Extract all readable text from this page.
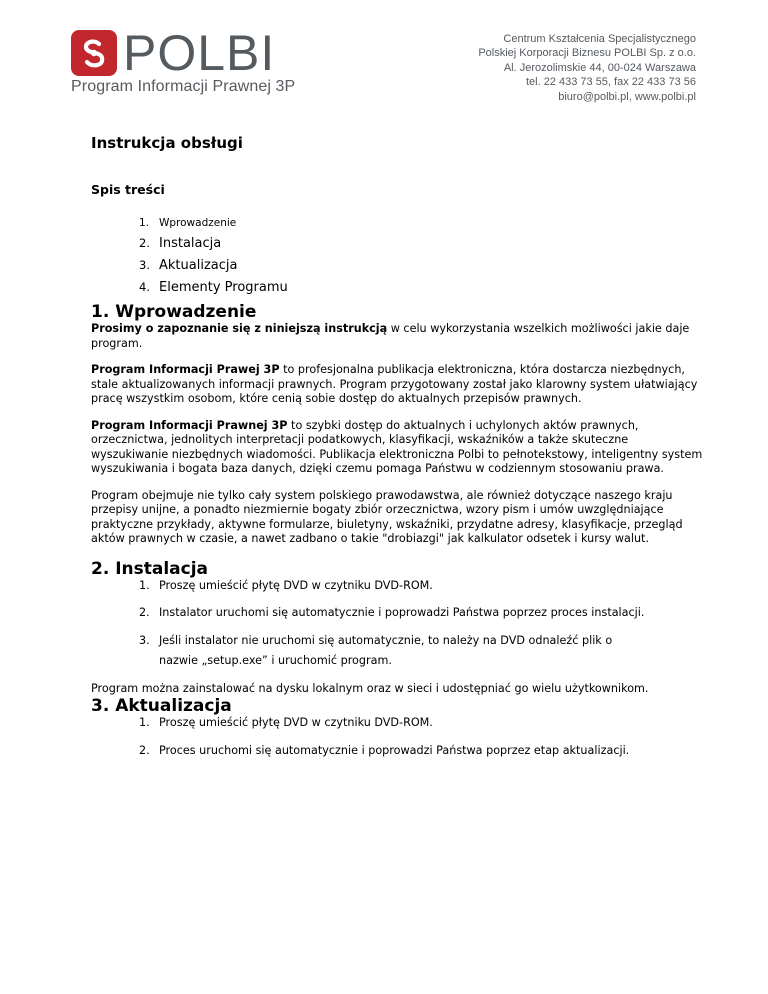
POLBI
Program Informacji Prawnej 3P
Centrum Kształcenia Specjalistycznego
Polskiej Korporacji Biznesu POLBI Sp. z o.o.
Al. Jerozolimskie 44, 00-024 Warszawa
tel. 22 433 73 55, fax 22 433 73 56
biuro@polbi.pl, www.polbi.pl
Instrukcja obsługi
Spis treści
1. Wprowadzenie
2. Instalacja
3. Aktualizacja
4. Elementy Programu
1. Wprowadzenie

Prosimy o zapoznanie się z niniejszą instrukcją w celu wykorzystania wszelkich możliwości jakie daje program.

Program Informacji Prawej 3P to profesjonalna publikacja elektroniczna, która dostarcza niezbędnych, stale aktualizowanych informacji prawnych. Program przygotowany został jako klarowny system ułatwiający pracę wszystkim osobom, które cenią sobie dostęp do aktualnych przepisów prawnych.

Program Informacji Prawnej 3P to szybki dostęp do aktualnych i uchylonych aktów prawnych, orzecznictwa, jednolitych interpretacji podatkowych, klasyfikacji, wskaźników a także skuteczne wyszukiwanie niezbędnych wiadomości. Publikacja elektroniczna Polbi to pełnotekstowy, inteligentny system wyszukiwania i bogata baza danych, dzięki czemu pomaga Państwu w codziennym stosowaniu prawa.

Program obejmuje nie tylko cały system polskiego prawodawstwa, ale również dotyczące naszego kraju przepisy unijne, a ponadto niezmiernie bogaty zbiór orzecznictwa, wzory pism i umów uwzględniające praktyczne przykłady, aktywne formularze, biuletyny, wskaźniki, przydatne adresy, klasyfikacje, przegląd aktów prawnych w czasie, a nawet zadbano o takie "drobiazgi" jak kalkulator odsetek i kursy walut.

2. Instalacja
1. Proszę umieścić płytę DVD w czytniku DVD-ROM.
2. Instalator uruchomi się automatycznie i poprowadzi Państwa poprzez proces instalacji.
3. Jeśli instalator nie uruchomi się automatycznie, to należy na DVD odnaleźć plik o
nazwie „setup.exe” i uruchomić program.

Program można zainstalować na dysku lokalnym oraz w sieci i udostępniać go wielu użytkownikom.

3. Aktualizacja
1. Proszę umieścić płytę DVD w czytniku DVD-ROM.
2. Proces uruchomi się automatycznie i poprowadzi Państwa poprzez etap aktualizacji.
